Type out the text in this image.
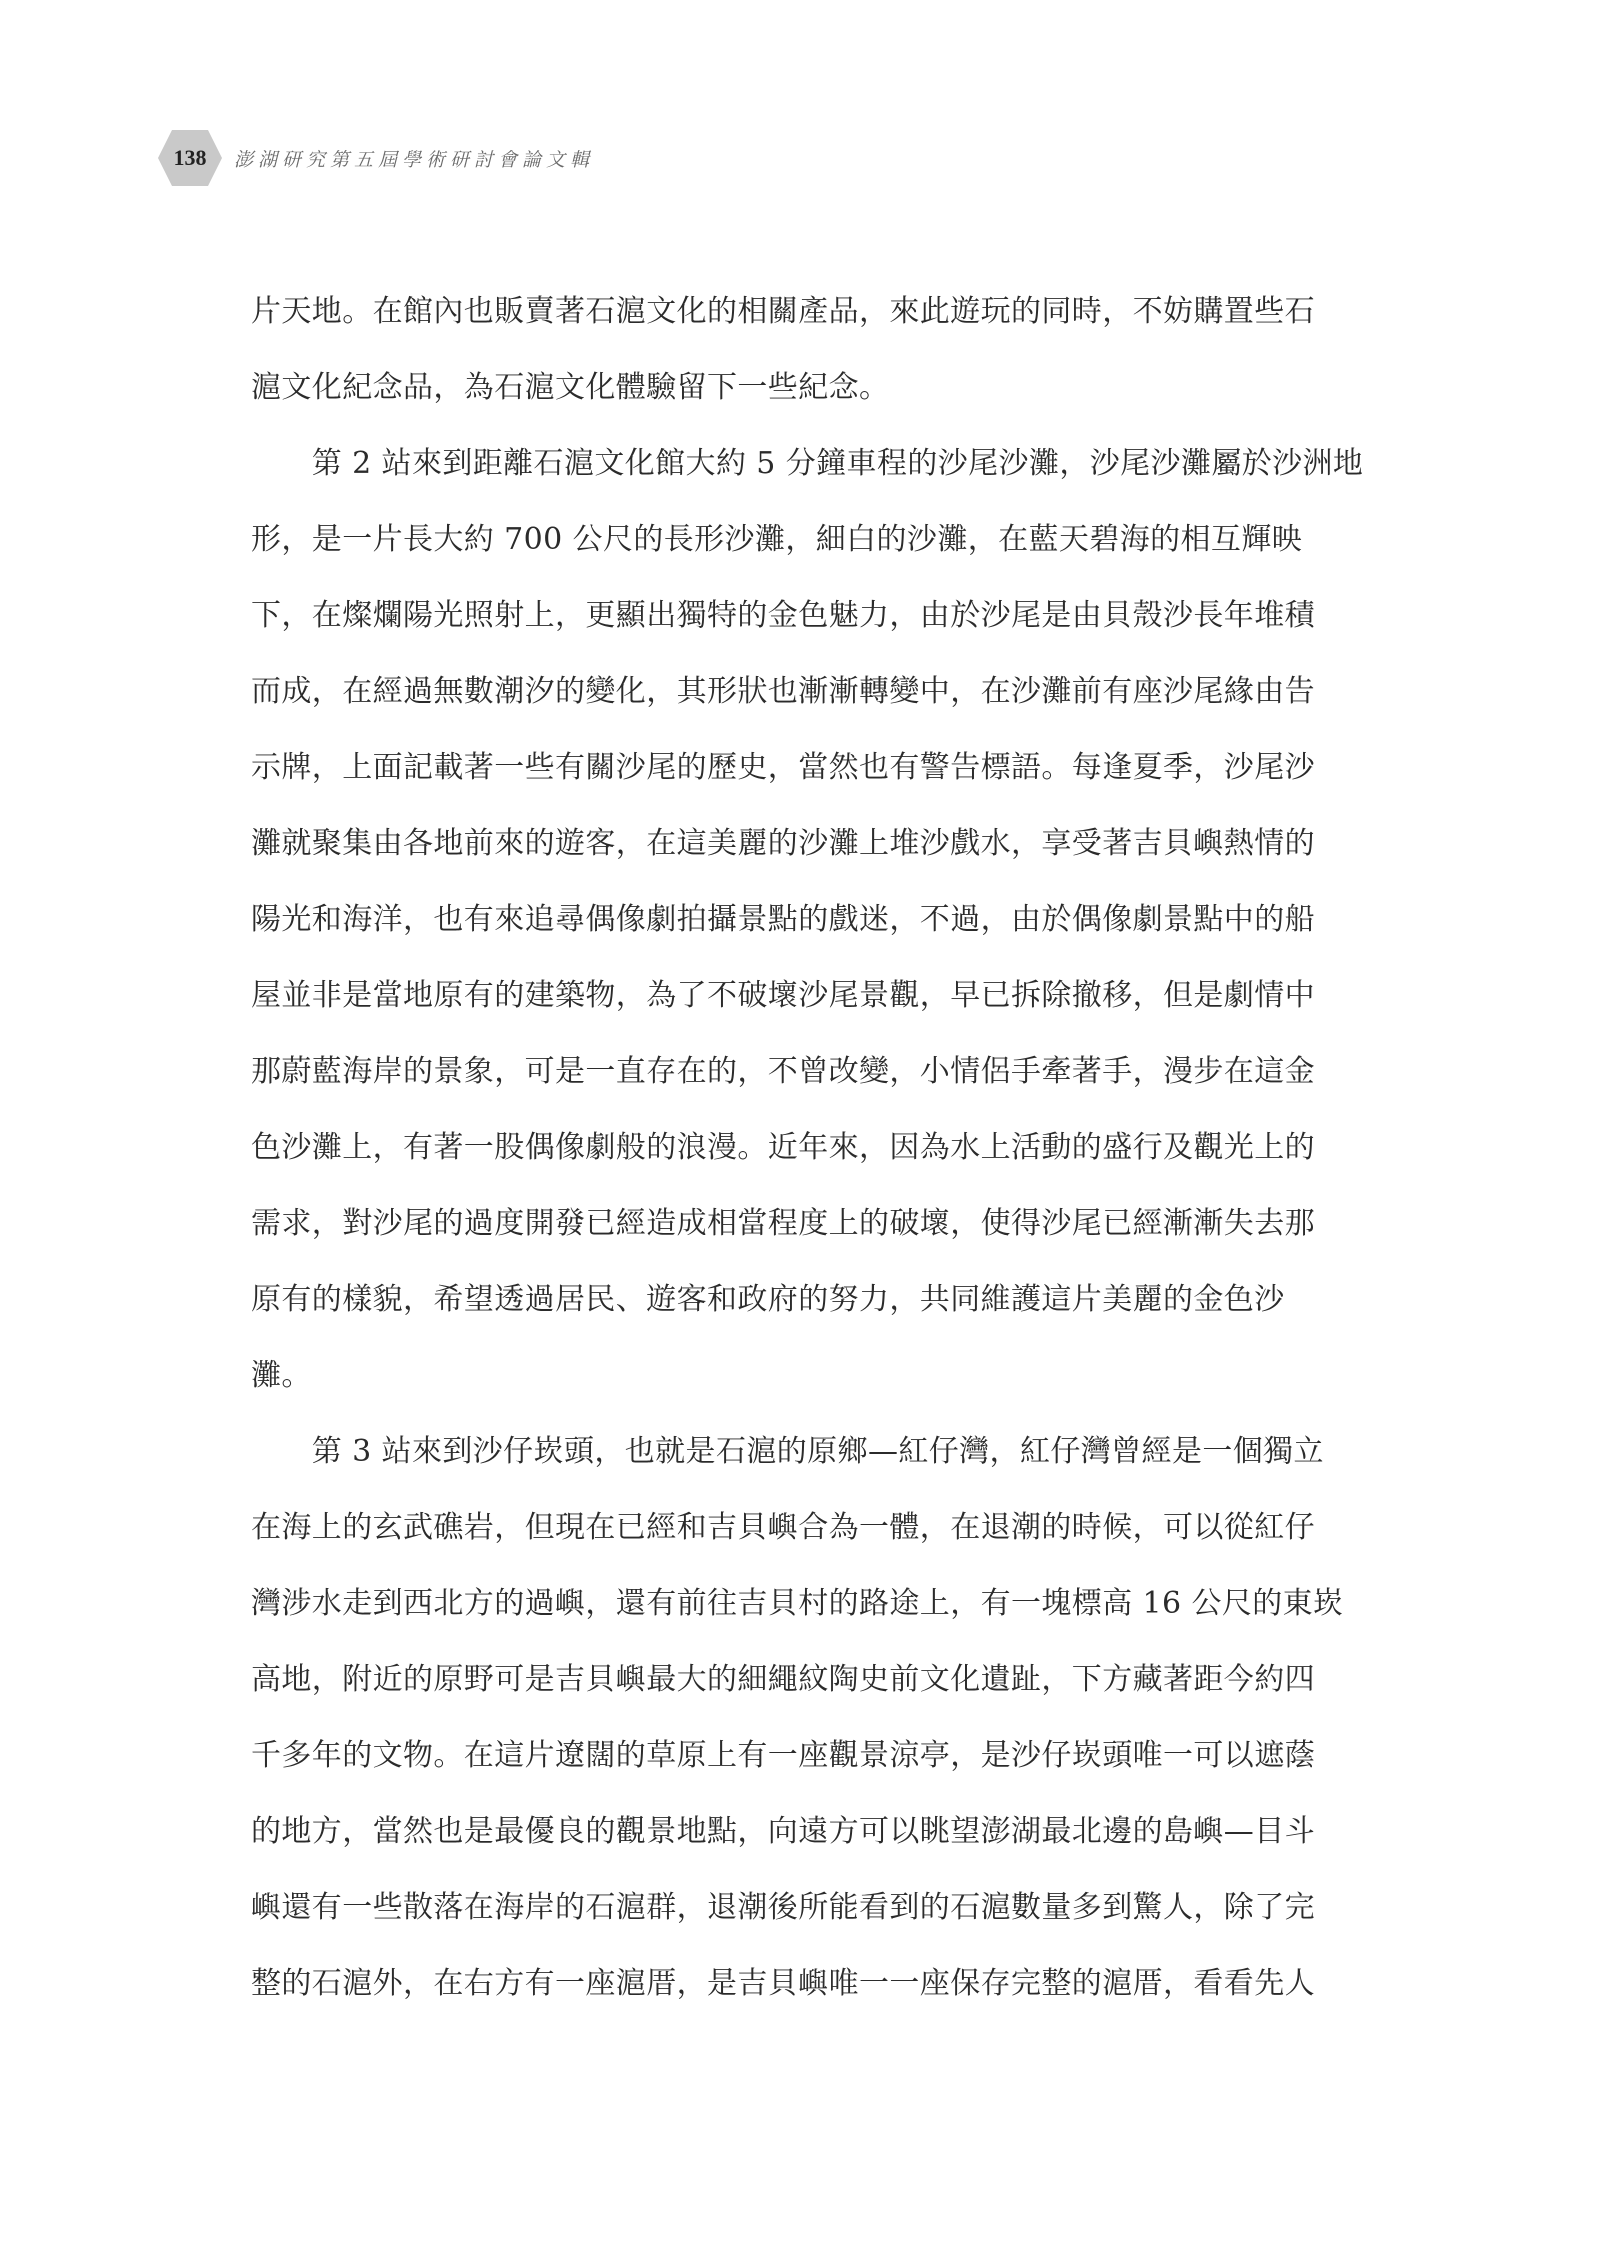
138 澎湖研究第五屆學術研討會論文輯
片天地。在館內也販賣著石滬文化的相關產品，來此遊玩的同時，不妨購置些石
滬文化紀念品，為石滬文化體驗留下一些紀念。
　　第 2 站來到距離石滬文化館大約 5 分鐘車程的沙尾沙灘，沙尾沙灘屬於沙洲地
形，是一片長大約 700 公尺的長形沙灘，細白的沙灘，在藍天碧海的相互輝映
下，在燦爛陽光照射上，更顯出獨特的金色魅力，由於沙尾是由貝殼沙長年堆積
而成，在經過無數潮汐的變化，其形狀也漸漸轉變中，在沙灘前有座沙尾緣由告
示牌，上面記載著一些有關沙尾的歷史，當然也有警告標語。每逢夏季，沙尾沙
灘就聚集由各地前來的遊客，在這美麗的沙灘上堆沙戲水，享受著吉貝嶼熱情的
陽光和海洋，也有來追尋偶像劇拍攝景點的戲迷，不過，由於偶像劇景點中的船
屋並非是當地原有的建築物，為了不破壞沙尾景觀，早已拆除撤移，但是劇情中
那蔚藍海岸的景象，可是一直存在的，不曾改變，小情侶手牽著手，漫步在這金
色沙灘上，有著一股偶像劇般的浪漫。近年來，因為水上活動的盛行及觀光上的
需求，對沙尾的過度開發已經造成相當程度上的破壞，使得沙尾已經漸漸失去那
原有的樣貌，希望透過居民、遊客和政府的努力，共同維護這片美麗的金色沙
灘。
　　第 3 站來到沙仔崁頭，也就是石滬的原鄉—紅仔灣，紅仔灣曾經是一個獨立
在海上的玄武礁岩，但現在已經和吉貝嶼合為一體，在退潮的時候，可以從紅仔
灣涉水走到西北方的過嶼，還有前往吉貝村的路途上，有一塊標高 16 公尺的東崁
高地，附近的原野可是吉貝嶼最大的細繩紋陶史前文化遺趾，下方藏著距今約四
千多年的文物。在這片遼闊的草原上有一座觀景涼亭，是沙仔崁頭唯一可以遮蔭
的地方，當然也是最優良的觀景地點，向遠方可以眺望澎湖最北邊的島嶼—目斗
嶼還有一些散落在海岸的石滬群，退潮後所能看到的石滬數量多到驚人，除了完
整的石滬外，在右方有一座滬厝，是吉貝嶼唯一一座保存完整的滬厝，看看先人
